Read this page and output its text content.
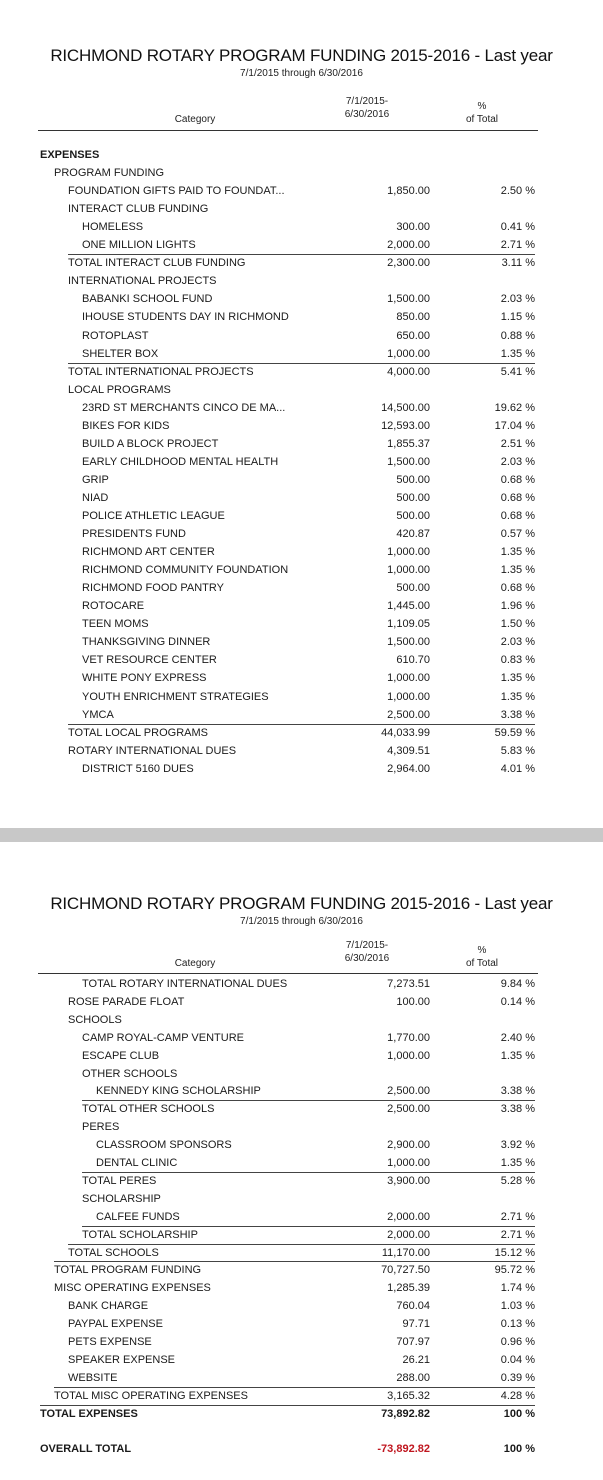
RICHMOND ROTARY PROGRAM FUNDING 2015-2016 - Last year
7/1/2015 through 6/30/2016
Category
7/1/2015-
6/30/2016
%
of Total
EXPENSES
PROGRAM FUNDING
FOUNDATION GIFTS PAID TO FOUNDAT...	1,850.00	2.50 %
INTERACT CLUB FUNDING
HOMELESS	300.00	0.41 %
ONE MILLION LIGHTS	2,000.00	2.71 %
TOTAL INTERACT CLUB FUNDING	2,300.00	3.11 %
INTERNATIONAL PROJECTS
BABANKI SCHOOL FUND	1,500.00	2.03 %
IHOUSE STUDENTS DAY IN RICHMOND	850.00	1.15 %
ROTOPLAST	650.00	0.88 %
SHELTER BOX	1,000.00	1.35 %
TOTAL INTERNATIONAL PROJECTS	4,000.00	5.41 %
LOCAL PROGRAMS
23RD ST MERCHANTS CINCO DE MA...	14,500.00	19.62 %
BIKES FOR KIDS	12,593.00	17.04 %
BUILD A BLOCK PROJECT	1,855.37	2.51 %
EARLY CHILDHOOD MENTAL HEALTH	1,500.00	2.03 %
GRIP	500.00	0.68 %
NIAD	500.00	0.68 %
POLICE ATHLETIC LEAGUE	500.00	0.68 %
PRESIDENTS FUND	420.87	0.57 %
RICHMOND ART CENTER	1,000.00	1.35 %
RICHMOND COMMUNITY FOUNDATION	1,000.00	1.35 %
RICHMOND FOOD PANTRY	500.00	0.68 %
ROTOCARE	1,445.00	1.96 %
TEEN MOMS	1,109.05	1.50 %
THANKSGIVING DINNER	1,500.00	2.03 %
VET RESOURCE CENTER	610.70	0.83 %
WHITE PONY EXPRESS	1,000.00	1.35 %
YOUTH ENRICHMENT STRATEGIES	1,000.00	1.35 %
YMCA	2,500.00	3.38 %
TOTAL LOCAL PROGRAMS	44,033.99	59.59 %
ROTARY INTERNATIONAL DUES	4,309.51	5.83 %
DISTRICT 5160 DUES	2,964.00	4.01 %
RICHMOND ROTARY PROGRAM FUNDING 2015-2016 - Last year
7/1/2015 through 6/30/2016
Category
7/1/2015-
6/30/2016
%
of Total
TOTAL ROTARY INTERNATIONAL DUES	7,273.51	9.84 %
ROSE PARADE FLOAT	100.00	0.14 %
SCHOOLS
CAMP ROYAL-CAMP VENTURE	1,770.00	2.40 %
ESCAPE CLUB	1,000.00	1.35 %
OTHER SCHOOLS
KENNEDY KING SCHOLARSHIP	2,500.00	3.38 %
TOTAL OTHER SCHOOLS	2,500.00	3.38 %
PERES
CLASSROOM SPONSORS	2,900.00	3.92 %
DENTAL CLINIC	1,000.00	1.35 %
TOTAL PERES	3,900.00	5.28 %
SCHOLARSHIP
CALFEE FUNDS	2,000.00	2.71 %
TOTAL SCHOLARSHIP	2,000.00	2.71 %
TOTAL SCHOOLS	11,170.00	15.12 %
TOTAL PROGRAM FUNDING	70,727.50	95.72 %
MISC OPERATING EXPENSES	1,285.39	1.74 %
BANK CHARGE	760.04	1.03 %
PAYPAL EXPENSE	97.71	0.13 %
PETS EXPENSE	707.97	0.96 %
SPEAKER EXPENSE	26.21	0.04 %
WEBSITE	288.00	0.39 %
TOTAL MISC OPERATING EXPENSES	3,165.32	4.28 %
TOTAL EXPENSES	73,892.82	100 %
OVERALL TOTAL	-73,892.82	100 %
